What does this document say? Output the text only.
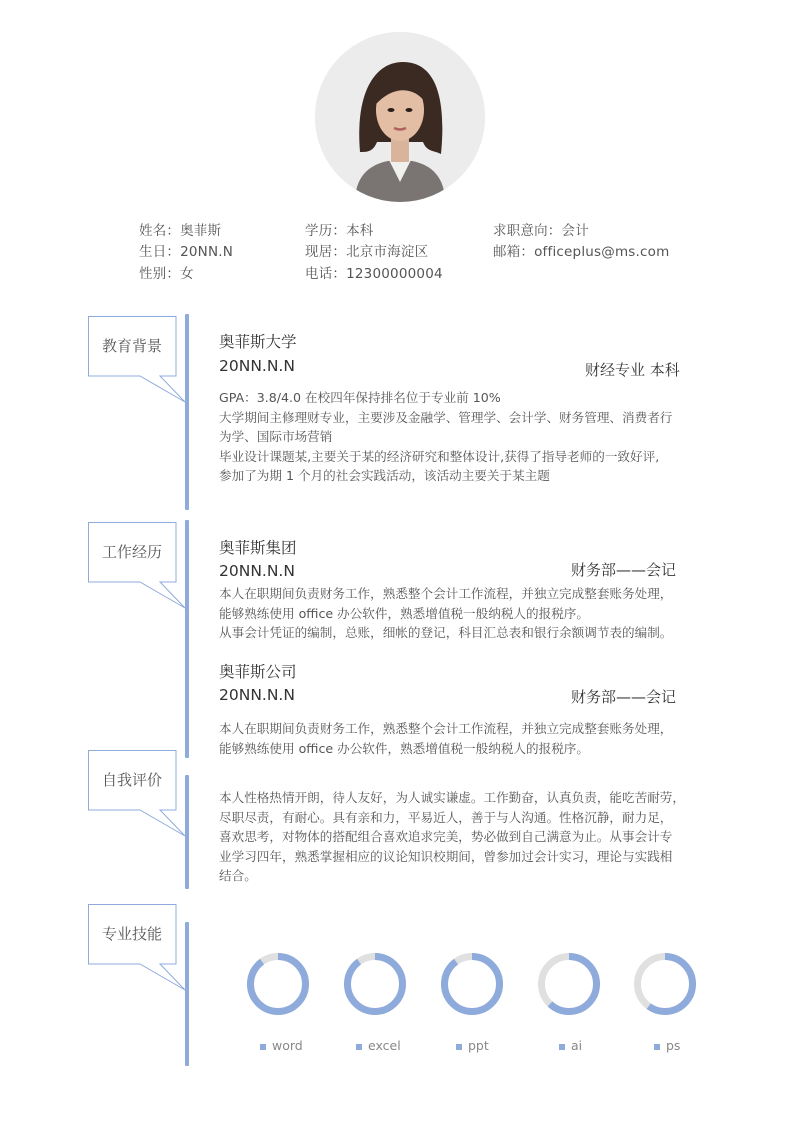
姓名：奥菲斯	学历：本科	求职意向：会计
生日：20NN.N	现居：北京市海淀区	邮箱：officeplus@ms.com
性别：女	电话：12300000004
教育背景
工作经历
自我评价
专业技能
奥菲斯大学
20NN.N.N	财经专业 本科

GPA：3.8/4.0 在校四年保持排名位于专业前 10%

大学期间主修理财专业，主要涉及金融学、管理学、会计学、财务管理、消费者行

为学、国际市场营销

毕业设计课题某,主要关于某的经济研究和整体设计,获得了指导老师的一致好评,

参加了为期 1 个月的社会实践活动，该活动主要关于某主题

奥菲斯集团
20NN.N.N	财务部——会记

本人在职期间负责财务工作，熟悉整个会计工作流程，并独立完成整套账务处理，

能够熟练使用 office 办公软件，熟悉增值税一般纳税人的报税序。

从事会计凭证的编制，总账，细帐的登记，科目汇总表和银行余额调节表的编制。

奥菲斯公司
20NN.N.N	财务部——会记

本人在职期间负责财务工作，熟悉整个会计工作流程，并独立完成整套账务处理，

能够熟练使用 office 办公软件，熟悉增值税一般纳税人的报税序。

本人性格热情开朗，待人友好，为人诚实谦虚。工作勤奋，认真负责，能吃苦耐劳，

尽职尽责，有耐心。具有亲和力，平易近人，善于与人沟通。性格沉静，耐力足，

喜欢思考，对物体的搭配组合喜欢追求完美，势必做到自己满意为止。从事会计专

业学习四年，熟悉掌握相应的议论知识校期间，曾参加过会计实习，理论与实践相

结合。

word	excel	ppt	ai	ps
